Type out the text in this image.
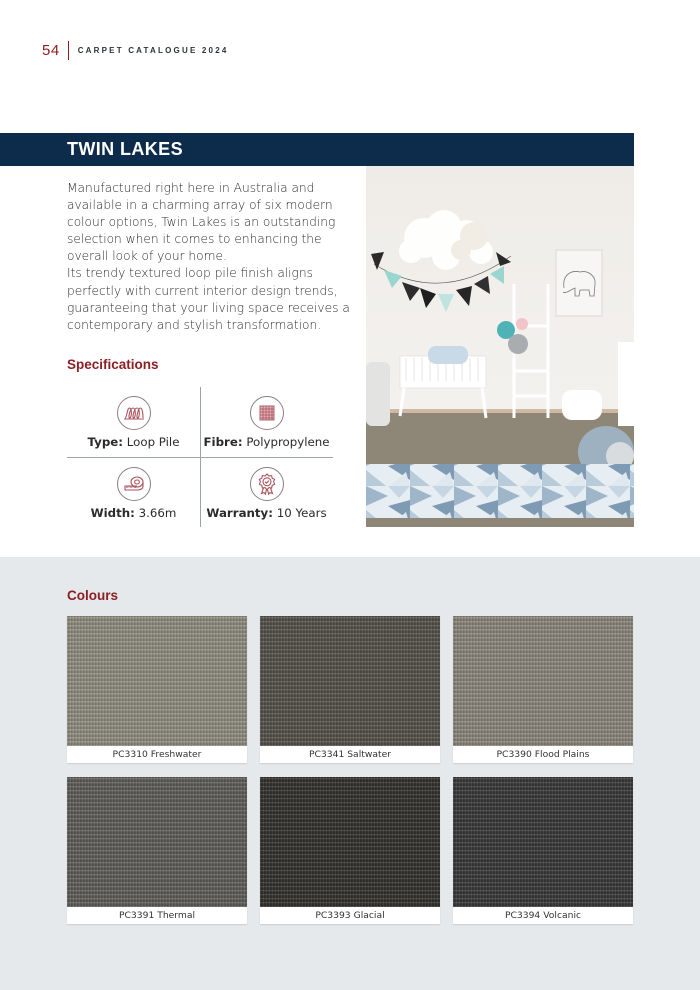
54 CARPET CATALOGUE 2024
TWIN LAKES

Manufactured right here in Australia and available in a charming array of six modern colour options, Twin Lakes is an outstanding selection when it comes to enhancing the overall look of your home.

Its trendy textured loop pile finish aligns perfectly with current interior design trends, guaranteeing that your living space receives a contemporary and stylish transformation.

Specifications
Type: Loop Pile Fibre: Polypropylene
Width: 3.66m	Warranty: 10 Years
Colours
PC3310 Freshwater	PC3341 Saltwater	PC3390 Flood Plains
PC3391 Thermal	PC3393 Glacial	PC3394 Volcanic
